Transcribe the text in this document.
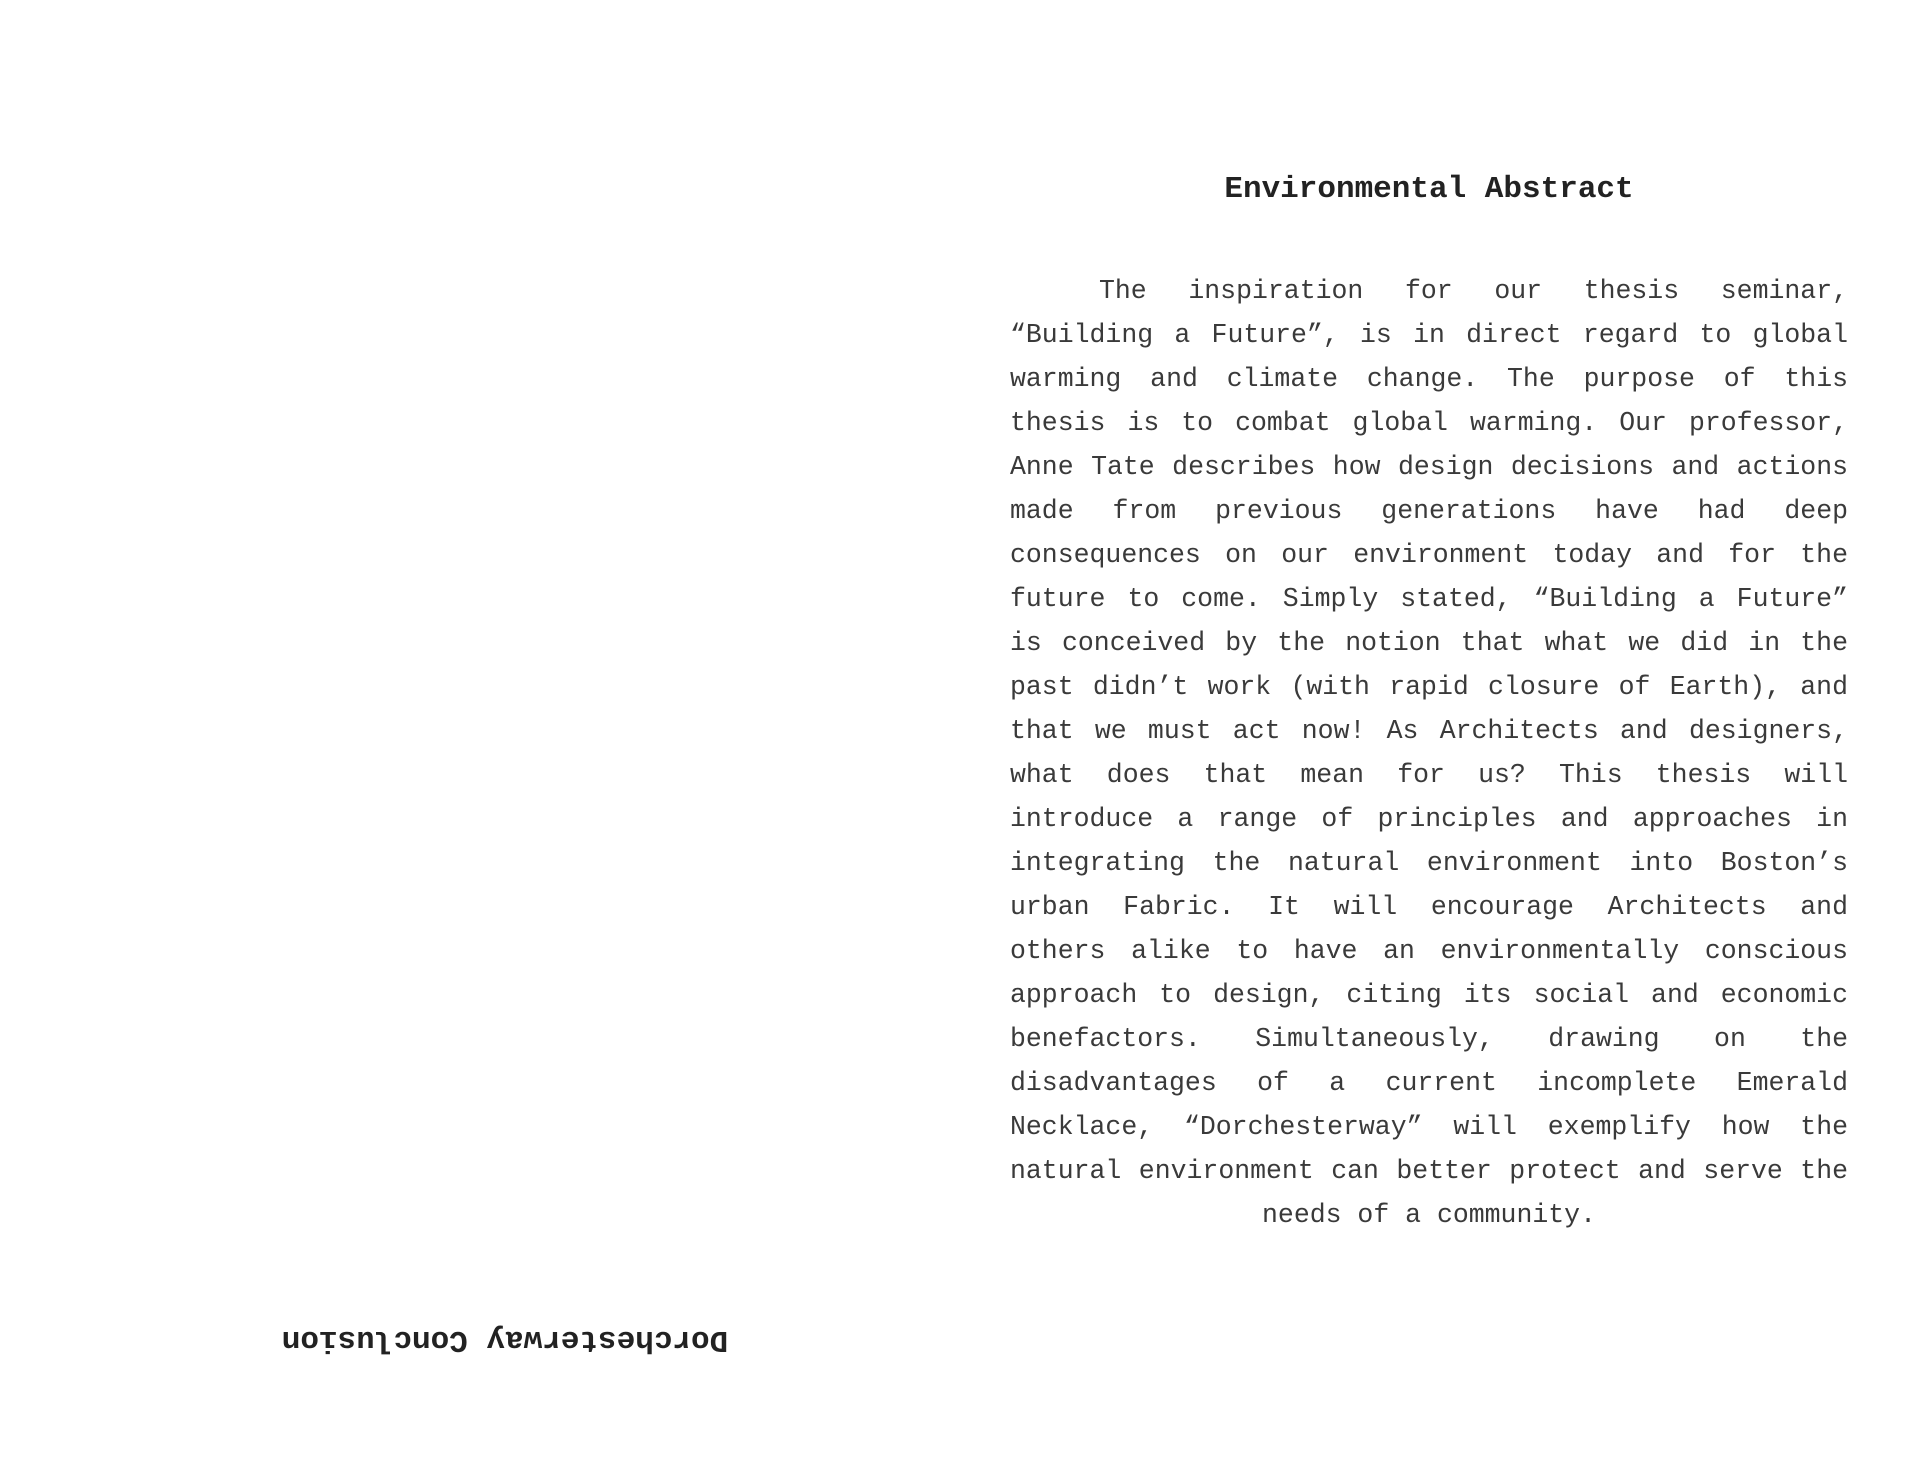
Dorchesterway Conclusion
Environmental Abstract

The inspiration for our thesis seminar, “Building a Future”, is in direct regard to global warming and climate change. The purpose of this thesis is to combat global warming. Our professor, Anne Tate describes how design decisions and actions made from previous generations have had deep consequences on our environment today and for the future to come. Simply stated, “Building a Future” is conceived by the notion that what we did in the past didn’t work (with rapid closure of Earth), and that we must act now! As Architects and designers, what does that mean for us? This thesis will introduce a range of principles and approaches in integrating the natural environment into Boston’s urban Fabric. It will encourage Architects and others alike to have an environmentally conscious approach to design, citing its social and economic benefactors. Simultaneously, drawing on the disadvantages of a current incomplete Emerald Necklace, “Dorchesterway” will exemplify how the natural environment can better protect and serve the needs of a community.
